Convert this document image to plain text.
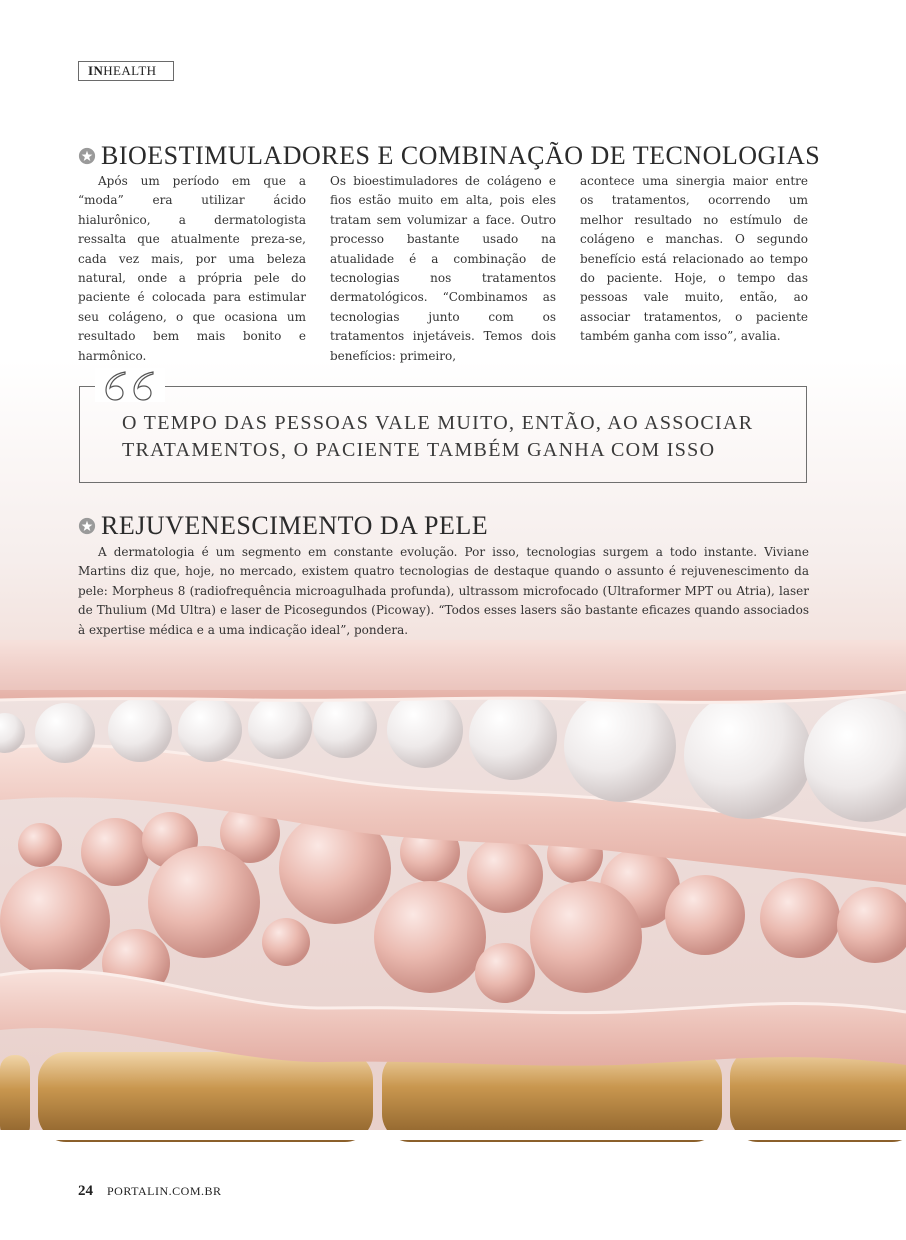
INHEALTH
BIOESTIMULADORES E COMBINAÇÃO DE TECNOLOGIAS
Após um período em que a “moda” era utilizar ácido hialurônico, a dermatologista ressalta que atualmente preza-se, cada vez mais, por uma beleza natural, onde a própria pele do paciente é colocada para estimular seu colágeno, o que ocasiona um resultado bem mais bonito e harmônico.
Os bioestimuladores de colágeno e fios estão muito em alta, pois eles tratam sem volumizar a face. Outro processo bastante usado na atualidade é a combinação de tecnologias nos tratamentos dermatológicos. “Combinamos as tecnologias junto com os tratamentos injetáveis. Temos dois benefícios: primeiro,
acontece uma sinergia maior entre os tratamentos, ocorrendo um melhor resultado no estímulo de colágeno e manchas. O segundo benefício está relacionado ao tempo do paciente. Hoje, o tempo das pessoas vale muito, então, ao associar tratamentos, o paciente também ganha com isso”, avalia.
O TEMPO DAS PESSOAS VALE MUITO, ENTÃO, AO ASSOCIAR TRATAMENTOS, O PACIENTE TAMBÉM GANHA COM ISSO
REJUVENESCIMENTO DA PELE
A dermatologia é um segmento em constante evolução. Por isso, tecnologias surgem a todo instante. Viviane Martins diz que, hoje, no mercado, existem quatro tecnologias de destaque quando o assunto é rejuvenescimento da pele: Morpheus 8 (radiofrequência microagulhada profunda), ultrassom microfocado (Ultraformer MPT ou Atria), laser de Thulium (Md Ultra) e laser de Picosegundos (Picoway). “Todos esses lasers são bastante eficazes quando associados à expertise médica e a uma indicação ideal”, pondera.
24 PORTALIN.COM.BR
